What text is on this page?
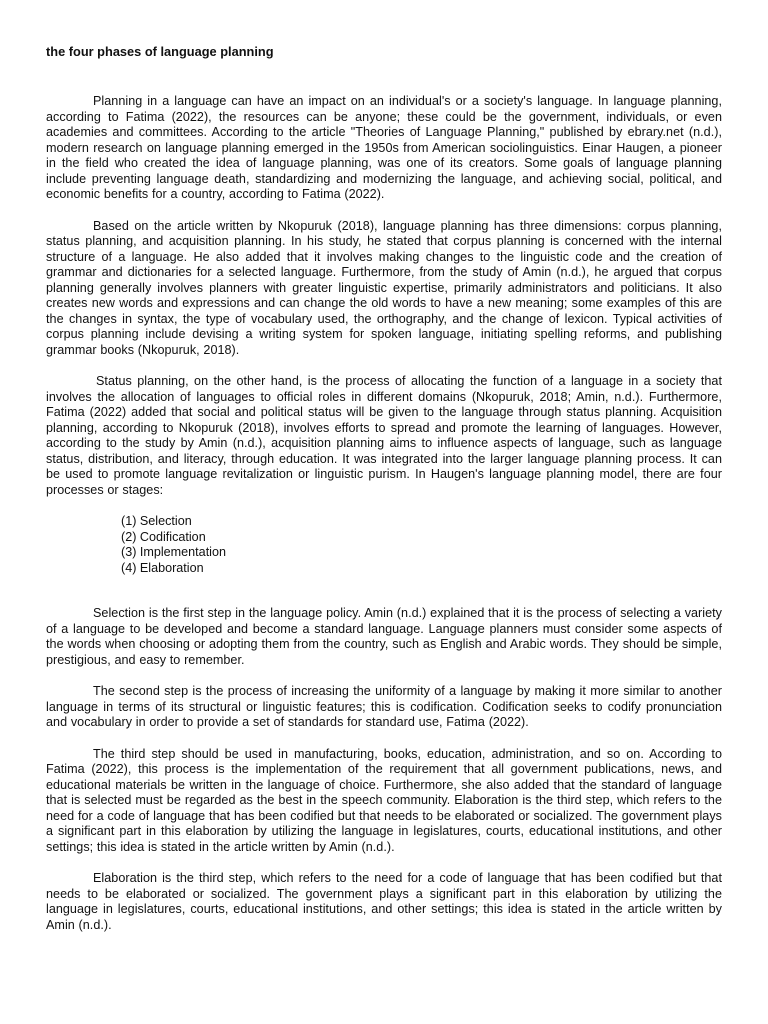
the four phases of language planning

Planning in a language can have an impact on an individual's or a society's language. In language planning, according to Fatima (2022), the resources can be anyone; these could be the government, individuals, or even academies and committees. According to the article "Theories of Language Planning," published by ebrary.net (n.d.), modern research on language planning emerged in the 1950s from American sociolinguistics. Einar Haugen, a pioneer in the field who created the idea of language planning, was one of its creators. Some goals of language planning include preventing language death, standardizing and modernizing the language, and achieving social, political, and economic benefits for a country, according to Fatima (2022).

Based on the article written by Nkopuruk (2018), language planning has three dimensions: corpus planning, status planning, and acquisition planning. In his study, he stated that corpus planning is concerned with the internal structure of a language. He also added that it involves making changes to the linguistic code and the creation of grammar and dictionaries for a selected language. Furthermore, from the study of Amin (n.d.), he argued that corpus planning generally involves planners with greater linguistic expertise, primarily administrators and politicians. It also creates new words and expressions and can change the old words to have a new meaning; some examples of this are the changes in syntax, the type of vocabulary used, the orthography, and the change of lexicon. Typical activities of corpus planning include devising a writing system for spoken language, initiating spelling reforms, and publishing grammar books (Nkopuruk, 2018).

Status planning, on the other hand, is the process of allocating the function of a language in a society that involves the allocation of languages to official roles in different domains (Nkopuruk, 2018; Amin, n.d.). Furthermore, Fatima (2022) added that social and political status will be given to the language through status planning. Acquisition planning, according to Nkopuruk (2018), involves efforts to spread and promote the learning of languages. However, according to the study by Amin (n.d.), acquisition planning aims to influence aspects of language, such as language status, distribution, and literacy, through education. It was integrated into the larger language planning process. It can be used to promote language revitalization or linguistic purism. In Haugen's language planning model, there are four processes or stages:

(1) Selection
(2) Codification
(3) Implementation
(4) Elaboration

Selection is the first step in the language policy. Amin (n.d.) explained that it is the process of selecting a variety of a language to be developed and become a standard language. Language planners must consider some aspects of the words when choosing or adopting them from the country, such as English and Arabic words. They should be simple, prestigious, and easy to remember.

The second step is the process of increasing the uniformity of a language by making it more similar to another language in terms of its structural or linguistic features; this is codification. Codification seeks to codify pronunciation and vocabulary in order to provide a set of standards for standard use, Fatima (2022).

The third step should be used in manufacturing, books, education, administration, and so on. According to Fatima (2022), this process is the implementation of the requirement that all government publications, news, and educational materials be written in the language of choice. Furthermore, she also added that the standard of language that is selected must be regarded as the best in the speech community. Elaboration is the third step, which refers to the need for a code of language that has been codified but that needs to be elaborated or socialized. The government plays a significant part in this elaboration by utilizing the language in legislatures, courts, educational institutions, and other settings; this idea is stated in the article written by Amin (n.d.).

Elaboration is the third step, which refers to the need for a code of language that has been codified but that needs to be elaborated or socialized. The government plays a significant part in this elaboration by utilizing the language in legislatures, courts, educational institutions, and other settings; this idea is stated in the article written by Amin (n.d.).
